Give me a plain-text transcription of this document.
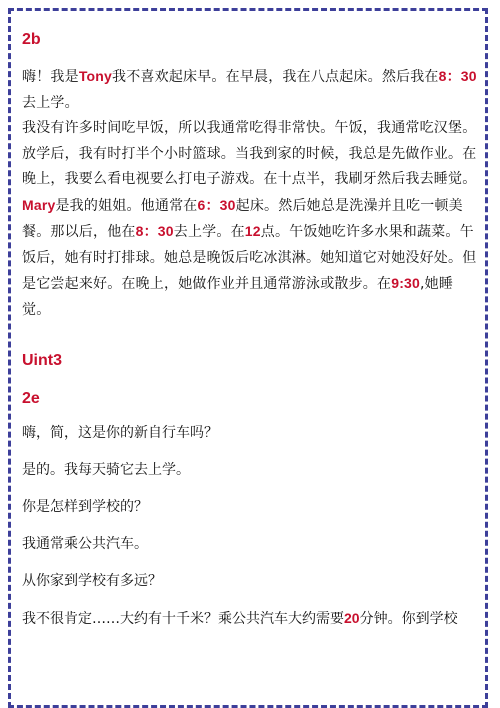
2b

嗨！我是Tony我不喜欢起床早。在早晨，我在八点起床。然后我在8：30去上学。

我没有许多时间吃早饭，所以我通常吃得非常快。午饭，我通常吃汉堡。放学后，我有时打半个小时篮球。当我到家的时候，我总是先做作业。在晚上，我要么看电视要么打电子游戏。在十点半，我刷牙然后我去睡觉。

Mary是我的姐姐。他通常在6：30起床。然后她总是洗澡并且吃一顿美餐。那以后，他在8：30去上学。在12点。午饭她吃许多水果和蔬菜。午饭后，她有时打排球。她总是晚饭后吃冰淇淋。她知道它对她没好处。但是它尝起来好。在晚上，她做作业并且通常游泳或散步。在9:30,她睡觉。

Uint3
2e

嗨，简，这是你的新自行车吗？

是的。我每天骑它去上学。

你是怎样到学校的？

我通常乘公共汽车。

从你家到学校有多远？

我不很肯定……大约有十千米？乘公共汽车大约需要20分钟。你到学校
